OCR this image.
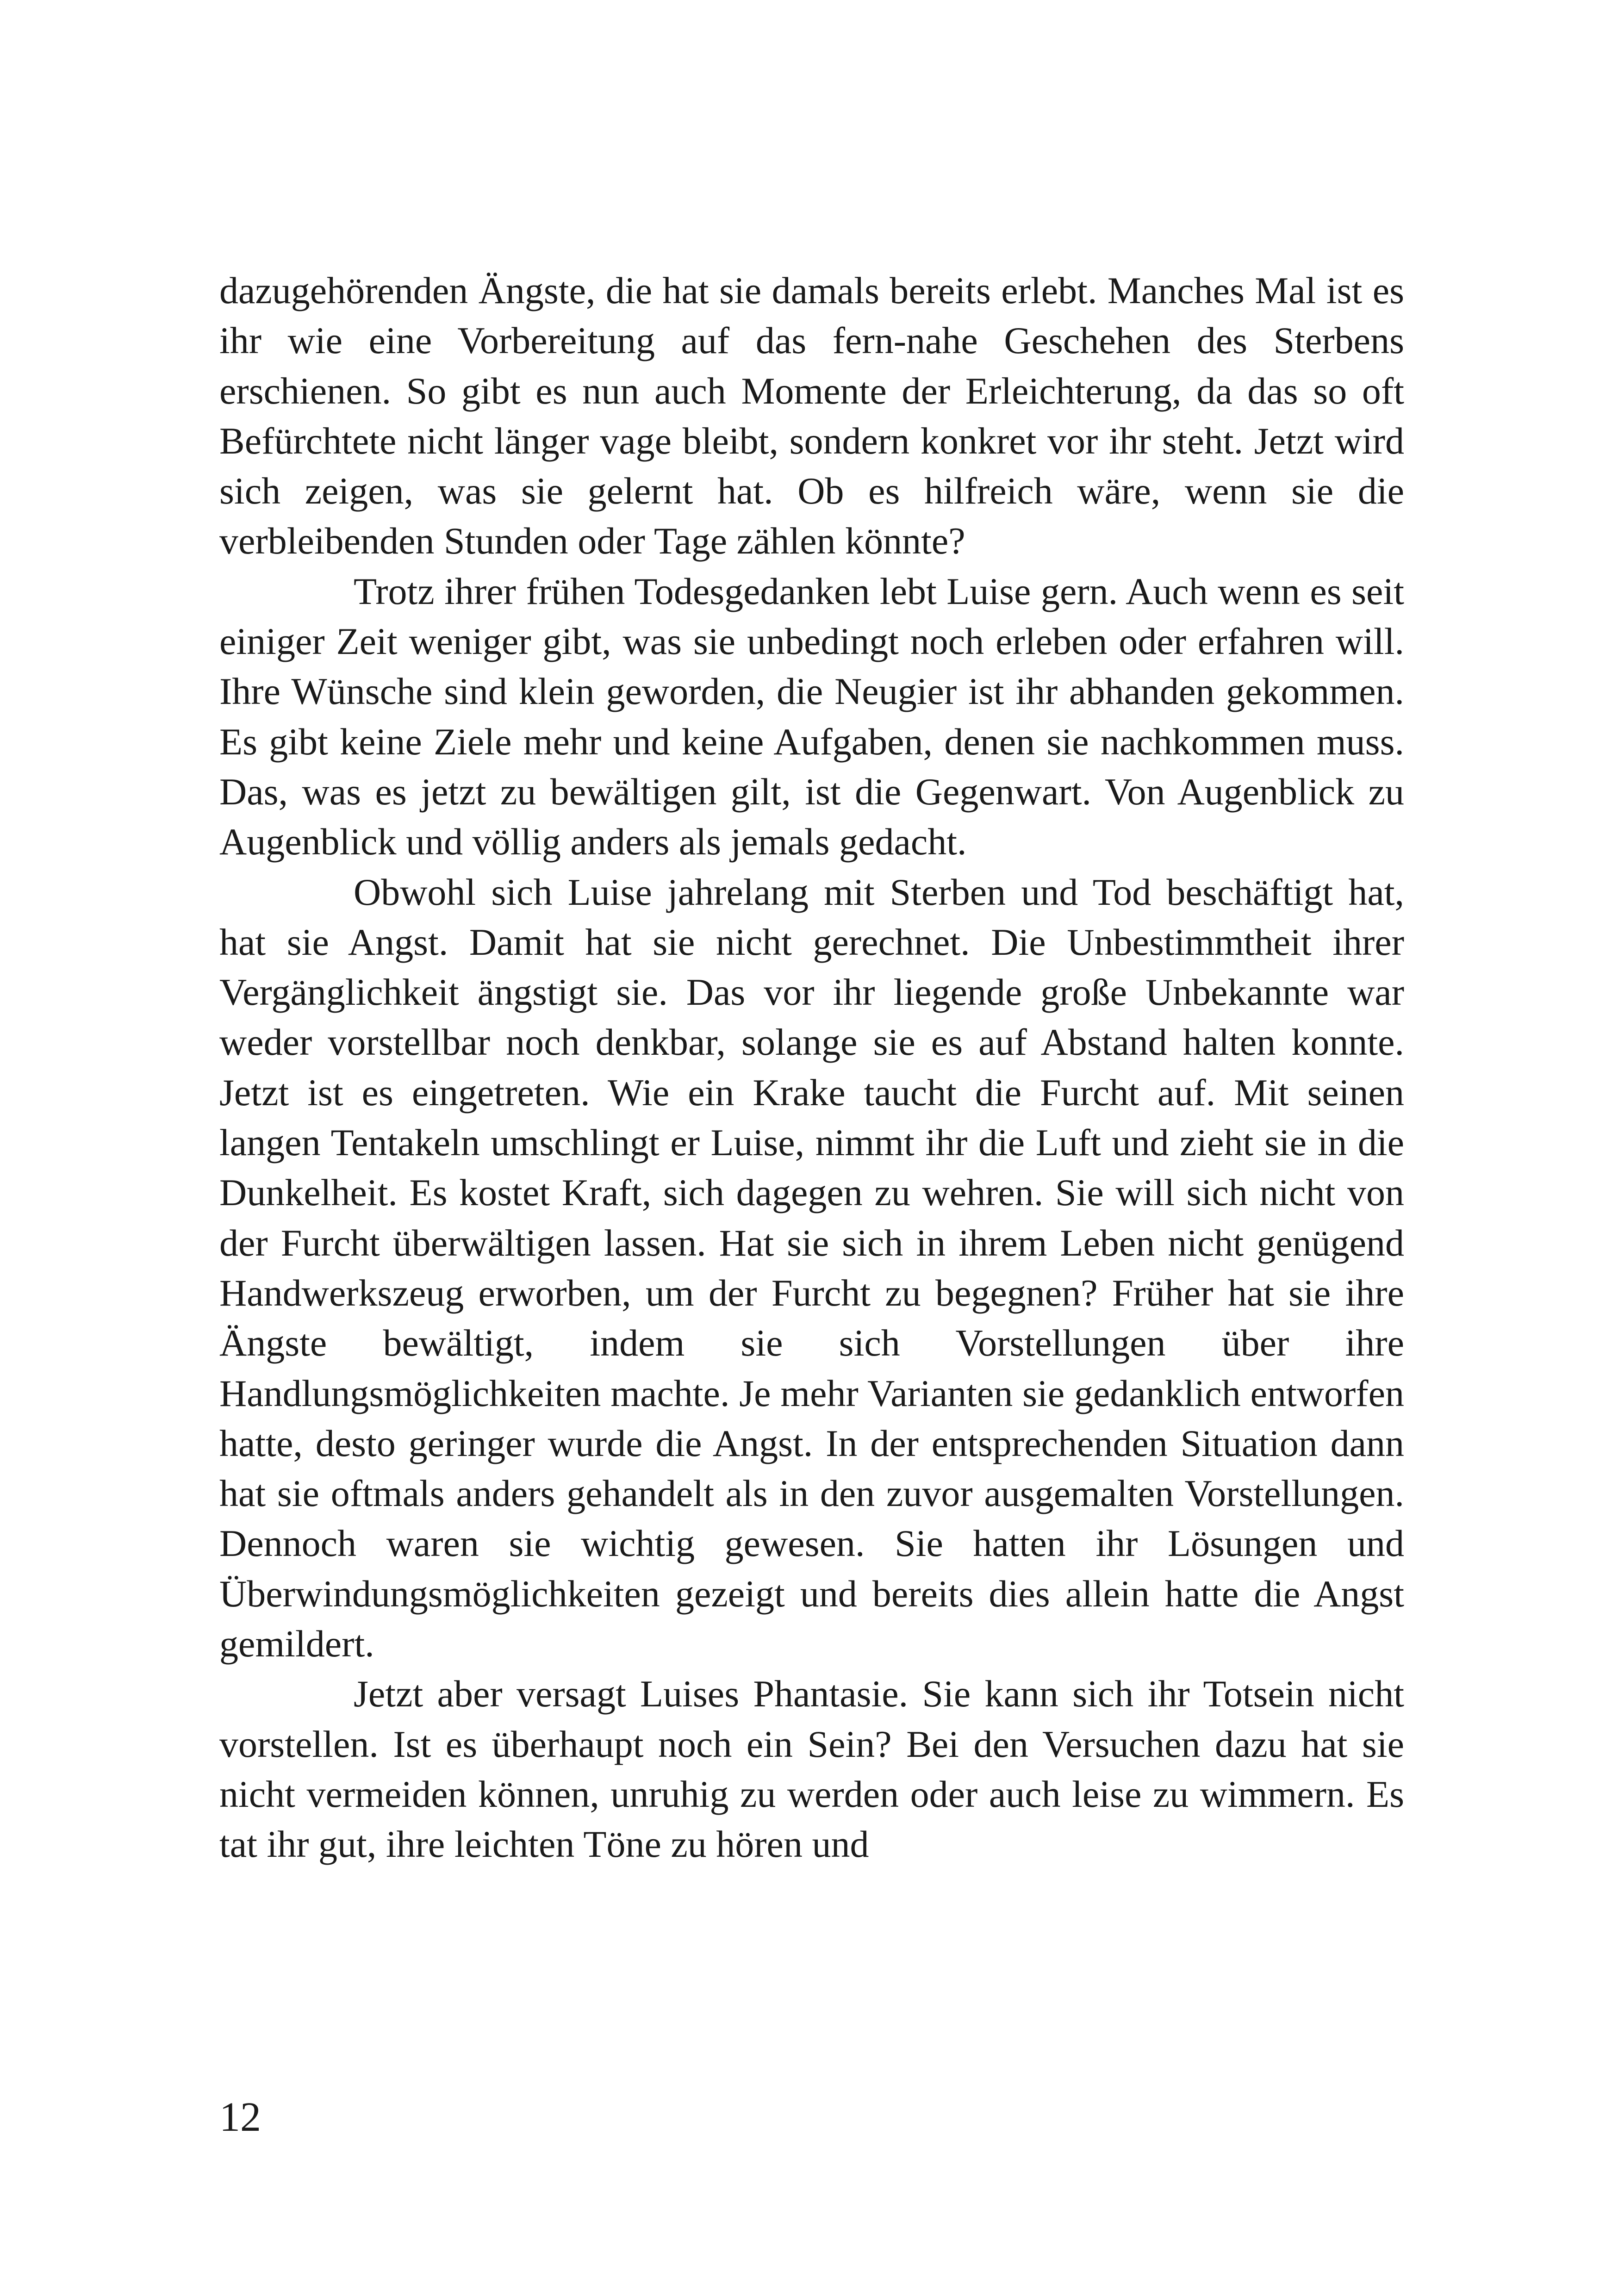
dazugehörenden Ängste, die hat sie damals bereits erlebt. Manches Mal ist es ihr wie eine Vorbereitung auf das fern-nahe Geschehen des Sterbens erschienen. So gibt es nun auch Momente der Erleichterung, da das so oft Befürchtete nicht länger vage bleibt, sondern konkret vor ihr steht. Jetzt wird sich zeigen, was sie gelernt hat. Ob es hilfreich wäre, wenn sie die verbleibenden Stunden oder Tage zählen könnte?

Trotz ihrer frühen Todesgedanken lebt Luise gern. Auch wenn es seit einiger Zeit weniger gibt, was sie unbedingt noch erleben oder erfahren will. Ihre Wünsche sind klein geworden, die Neugier ist ihr abhanden gekommen. Es gibt keine Ziele mehr und keine Aufgaben, denen sie nachkommen muss. Das, was es jetzt zu bewältigen gilt, ist die Gegenwart. Von Augenblick zu Augenblick und völlig anders als jemals gedacht.

Obwohl sich Luise jahrelang mit Sterben und Tod beschäftigt hat, hat sie Angst. Damit hat sie nicht gerechnet. Die Unbestimmtheit ihrer Vergänglichkeit ängstigt sie. Das vor ihr liegende große Unbekannte war weder vorstellbar noch denkbar, solange sie es auf Abstand halten konnte. Jetzt ist es eingetreten. Wie ein Krake taucht die Furcht auf. Mit seinen langen Tentakeln umschlingt er Luise, nimmt ihr die Luft und zieht sie in die Dunkelheit. Es kostet Kraft, sich dagegen zu wehren. Sie will sich nicht von der Furcht überwältigen lassen. Hat sie sich in ihrem Leben nicht genügend Handwerkszeug erworben, um der Furcht zu begegnen? Früher hat sie ihre Ängste bewältigt, indem sie sich Vorstellungen über ihre Handlungsmöglichkeiten machte. Je mehr Varianten sie gedanklich entworfen hatte, desto geringer wurde die Angst. In der entsprechenden Situation dann hat sie oftmals anders gehandelt als in den zuvor ausgemalten Vorstellungen. Dennoch waren sie wichtig gewesen. Sie hatten ihr Lösungen und Überwindungsmöglichkeiten gezeigt und bereits dies allein hatte die Angst gemildert.

Jetzt aber versagt Luises Phantasie. Sie kann sich ihr Totsein nicht vorstellen. Ist es überhaupt noch ein Sein? Bei den Versuchen dazu hat sie nicht vermeiden können, unruhig zu werden oder auch leise zu wimmern. Es tat ihr gut, ihre leichten Töne zu hören und

12
